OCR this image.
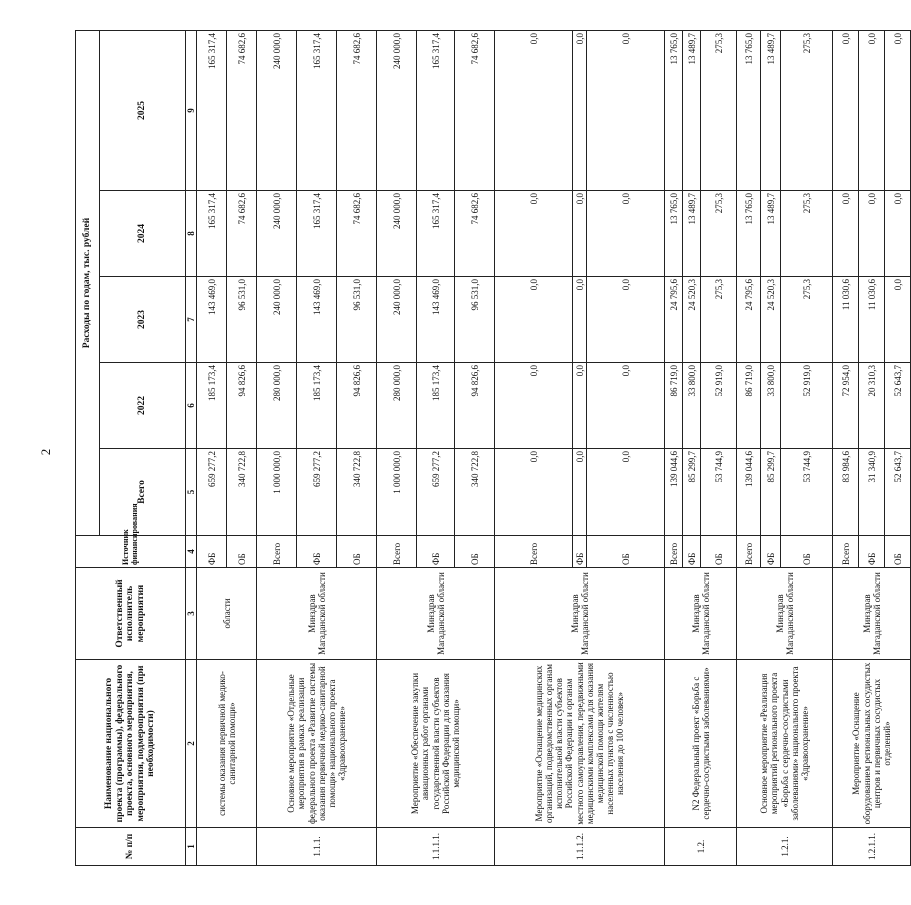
2
№ п/п	Наименование национального проекта (программы), федерального проекта, основного мероприятия, мероприятия, подмероприятия (при необходимости)	Ответственный исполнитель мероприятия	Источник финансирования	Расходы по годам, тыс. рублей				
				Всего	2022	2023	2024	2025
1	2	3	4	5	6	7	8	9
	системы оказания первичной медико-санитарной помощи»	области	ФБ	659 277,2	185 173,4	143 469,0	165 317,4	165 317,4
			ОБ	340 722,8	94 826,6	96 531,0	74 682,6	74 682,6
1.1.1.	Основное мероприятие «Отдельные мероприятия в рамках реализации федерального проекта «Развитие системы оказания первичной медико-санитарной помощи» национального проекта «Здравоохранение»	Минздрав Магаданской области	Всего	1 000 000,0	280 000,0	240 000,0	240 000,0	240 000,0
			ФБ	659 277,2	185 173,4	143 469,0	165 317,4	165 317,4
			ОБ	340 722,8	94 826,6	96 531,0	74 682,6	74 682,6
1.1.1.1.	Мероприятие «Обеспечение закупки авиационных работ органами государственной власти субъектов Российской Федерации для оказания медицинской помощи»	Минздрав Магаданской области	Всего	1 000 000,0	280 000,0	240 000,0	240 000,0	240 000,0
			ФБ	659 277,2	185 173,4	143 469,0	165 317,4	165 317,4
			ОБ	340 722,8	94 826,6	96 531,0	74 682,6	74 682,6
1.1.1.2.	Мероприятие «Оснащение медицинских организаций, подведомственных органам исполнительной власти субъектов Российской Федерации и органам местного самоуправления, передвижными медицинскими комплексами для оказания медицинской помощи жителям населенных пунктов с численностью населения до 100 человек»	Минздрав Магаданской области	Всего	0,0	0,0	0,0	0,0	0,0
			ФБ	0,0	0,0	0,0	0,0	0,0
			ОБ	0,0	0,0	0,0	0,0	0,0
1.2.	N2 Федеральный проект «Борьба с сердечно-сосудистыми заболеваниями»	Минздрав Магаданской области	Всего	139 044,6	86 719,0	24 795,6	13 765,0	13 765,0
			ФБ	85 299,7	33 800,0	24 520,3	13 489,7	13 489,7
			ОБ	53 744,9	52 919,0	275,3	275,3	275,3
1.2.1.	Основное мероприятие «Реализация мероприятий регионального проекта «Борьба с сердечно-сосудистыми заболеваниями» национального проекта «Здравоохранение»	Минздрав Магаданской области	Всего	139 044,6	86 719,0	24 795,6	13 765,0	13 765,0
			ФБ	85 299,7	33 800,0	24 520,3	13 489,7	13 489,7
			ОБ	53 744,9	52 919,0	275,3	275,3	275,3
1.2.1.1.	Мероприятие «Оснащение оборудованием региональных сосудистых центров и первичных сосудистых отделений»	Минздрав Магаданской области	Всего	83 984,6	72 954,0	11 030,6	0,0	0,0
			ФБ	31 340,9	20 310,3	11 030,6	0,0	0,0
			ОБ	52 643,7	52 643,7	0,0	0,0	0,0
